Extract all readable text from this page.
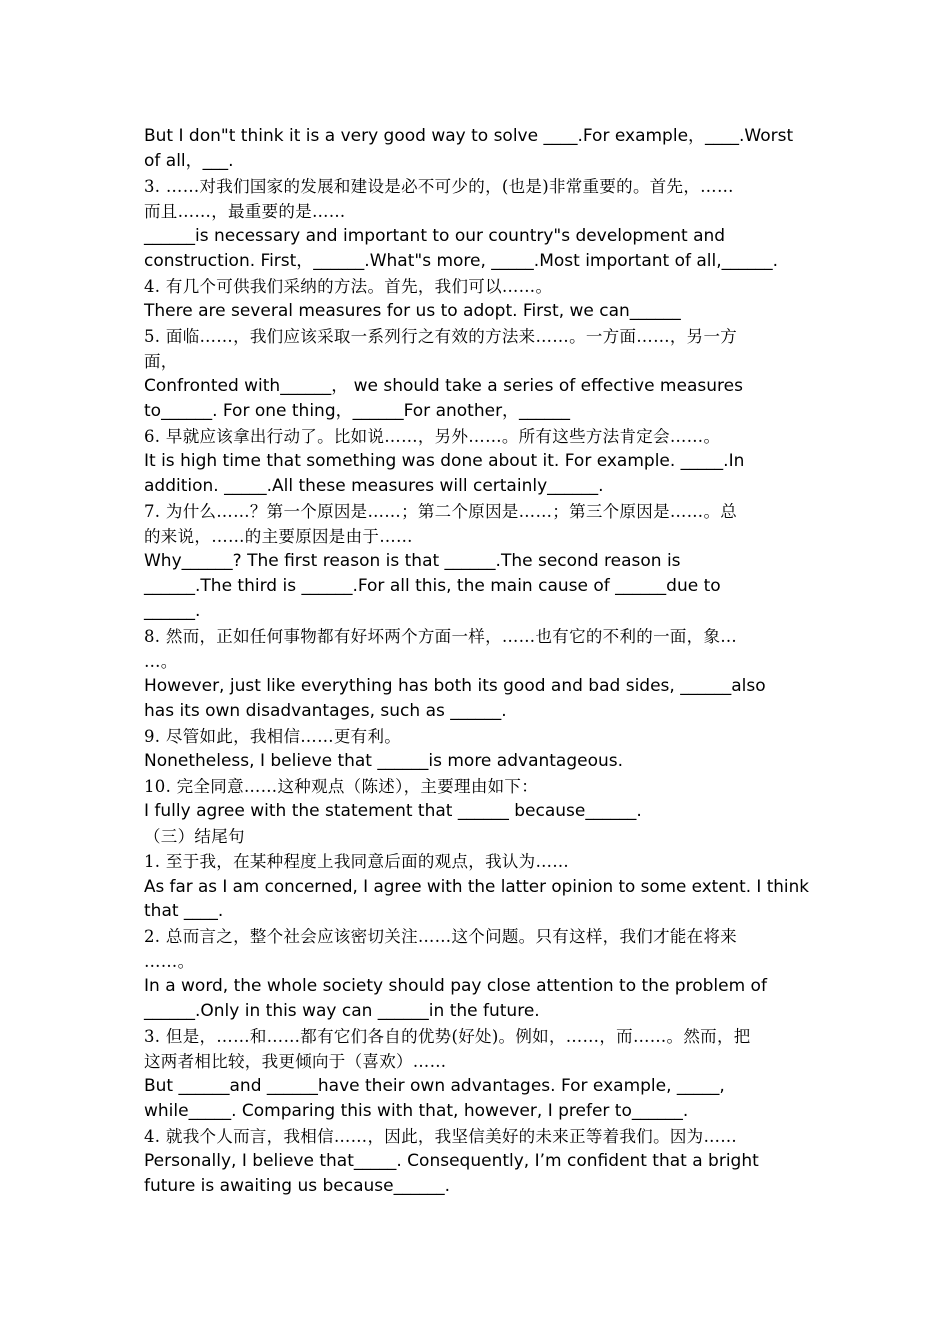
But I don"t think it is a very good way to solve ____.For example，____.Worst
of all，___.
3. ……对我们国家的发展和建设是必不可少的，(也是)非常重要的。首先，……
而且……，最重要的是……
______is necessary and important to our country"s development and
construction. First，______.What"s more, _____.Most important of all,______.
4. 有几个可供我们采纳的方法。首先，我们可以……。
There are several measures for us to adopt. First, we can______
5. 面临……，我们应该采取一系列行之有效的方法来……。一方面……，另一方
面，
Confronted with______， we should take a series of effective measures
to______. For one thing，______For another，______
6. 早就应该拿出行动了。比如说……，另外……。所有这些方法肯定会……。
It is high time that something was done about it. For example. _____.In
addition. _____.All these measures will certainly______.
7. 为什么……？第一个原因是……；第二个原因是……；第三个原因是……。总
的来说，……的主要原因是由于……
Why______? The first reason is that ______.The second reason is
______.The third is ______.For all this, the main cause of ______due to
______.
8. 然而，正如任何事物都有好坏两个方面一样，……也有它的不利的一面，象…
…。
However, just like everything has both its good and bad sides, ______also
has its own disadvantages, such as ______.
9. 尽管如此，我相信……更有利。
Nonetheless, I believe that ______is more advantageous.
10. 完全同意……这种观点（陈述），主要理由如下：
I fully agree with the statement that ______ because______.
（三）结尾句
1. 至于我，在某种程度上我同意后面的观点，我认为……
As far as I am concerned, I agree with the latter opinion to some extent. I think
that ____.
2. 总而言之，整个社会应该密切关注……这个问题。只有这样，我们才能在将来
……。
In a word, the whole society should pay close attention to the problem of
______.Only in this way can ______in the future.
3. 但是，……和……都有它们各自的优势(好处)。例如，……，而……。然而，把
这两者相比较，我更倾向于（喜欢）……
But ______and ______have their own advantages. For example, _____,
while_____. Comparing this with that, however, I prefer to______.
4. 就我个人而言，我相信……，因此，我坚信美好的未来正等着我们。因为……
Personally, I believe that_____. Consequently, I’m confident that a bright
future is awaiting us because______.
